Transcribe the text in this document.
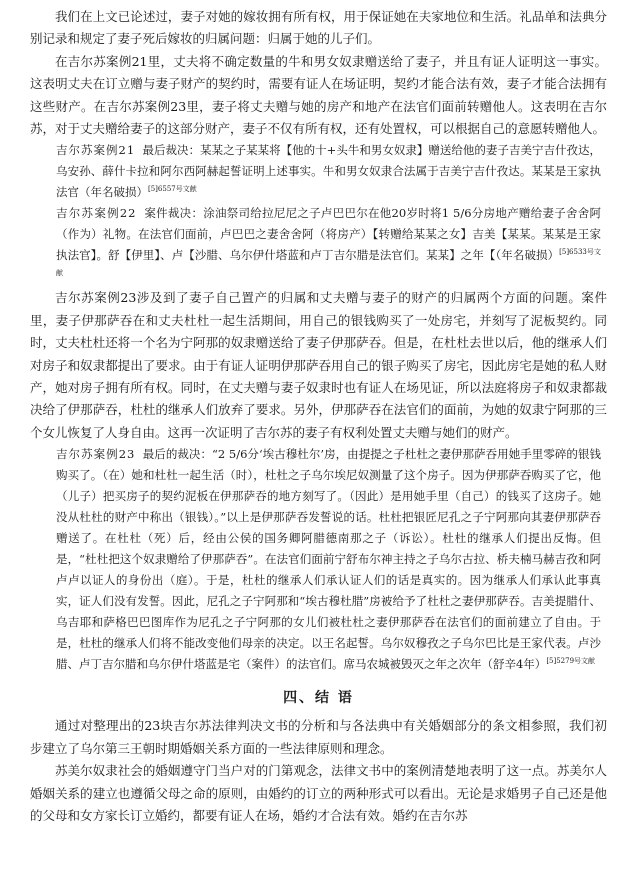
我们在上文已论述过，妻子对她的嫁妆拥有所有权，用于保证她在夫家地位和生活。礼品单和法典分别记录和规定了妻子死后嫁妆的归属问题：归属于她的儿子们。

在吉尔苏案例21里，丈夫将不确定数量的牛和男女奴隶赠送给了妻子，并且有证人证明这一事实。这表明丈夫在订立赠与妻子财产的契约时，需要有证人在场证明，契约才能合法有效，妻子才能合法拥有这些财产。在吉尔苏案例23里，妻子将丈夫赠与她的房产和地产在法官们面前转赠他人。这表明在吉尔苏，对于丈夫赠给妻子的这部分财产，妻子不仅有所有权，还有处置权，可以根据自己的意愿转赠他人。

吉尔苏案例21 最后裁决：某某之子某某将【他的十+头牛和男女奴隶】赠送给他的妻子吉美宁吉什孜达，乌安孙、薛什卡拉和阿尔西阿赫起誓证明上述事实。牛和男女奴隶合法属于吉美宁吉什孜达。某某是王家执法官（年名破损）$^{[5]6557号文献}$

吉尔苏案例22 案件裁决：涂油祭司给拉尼尼之子卢巴巴尔在他20岁时将1 5/6分房地产赠给妻子舍舍阿（作为）礼物。在法官们面前，卢巴巴之妻舍舍阿（将房产）【转赠给某某之女】吉美【某某。某某是王家执法官】。舒【伊里】、卢【沙腊、乌尔伊什塔蓝和卢丁吉尔腊是法官们。某某】之年【（年名破损）$^{[5]6533号文献}$

吉尔苏案例23涉及到了妻子自己置产的归属和丈夫赠与妻子的财产的归属两个方面的问题。案件里，妻子伊那萨吞在和丈夫杜杜一起生活期间，用自己的银钱购买了一处房宅，并刻写了泥板契约。同时，丈夫杜杜还将一个名为宁阿那的奴隶赠送给了妻子伊那萨吞。但是，在杜杜去世以后，他的继承人们对房子和奴隶都提出了要求。由于有证人证明伊那萨吞用自己的银子购买了房宅，因此房宅是她的私人财产，她对房子拥有所有权。同时，在丈夫赠与妻子奴隶时也有证人在场见证，所以法庭将房子和奴隶都裁决给了伊那萨吞，杜杜的继承人们放弃了要求。另外，伊那萨吞在法官们的面前，为她的奴隶宁阿那的三个女儿恢复了人身自由。这再一次证明了吉尔苏的妻子有权利处置丈夫赠与她们的财产。

吉尔苏案例23 最后的裁决：“2 5/6分‘埃古穆杜尔’房，由提提之子杜杜之妻伊那萨吞用她手里零碎的银钱购买了。（在）她和杜杜一起生活（时），杜杜之子乌尔埃尼奴测量了这个房子。因为伊那萨吞购买了它，他（儿子）把买房子的契约泥板在伊那萨吞的地方刻写了。（因此）是用她手里（自己）的钱买了这房子。她没从杜杜的财产中称出（银钱）。”以上是伊那萨吞发誓说的话。杜杜把银匠尼孔之子宁阿那向其妻伊那萨吞赠送了。在杜杜（死）后，经由公侯的国务卿阿腊德南那之子（诉讼）。杜杜的继承人们提出反悔。但是，“杜杜把这个奴隶赠给了伊那萨吞”。在法官们面前宁舒布尔神主持之子乌尔古拉、桥夫楠马赫吉孜和阿卢卢以证人的身份出（庭）。于是，杜杜的继承人们承认证人们的话是真实的。因为继承人们承认此事真实，证人们没有发誓。因此，尼孔之子宁阿那和“埃古穆杜腊”房被给予了杜杜之妻伊那萨吞。吉美提腊什、乌吉耶和萨格巴巴图库作为尼孔之子宁阿那的女儿们被杜杜之妻伊那萨吞在法官们的面前建立了自由。于是，杜杜的继承人们将不能改变他们母亲的决定。以王名起誓。乌尔奴穆孜之子乌尔巴比是王家代表。卢沙腊、卢丁吉尔腊和乌尔伊什塔蓝是宅（案件）的法官们。席马农城被毁灭之年之次年（舒辛4年）$^{[5]5279号文献}$

四、结 语

通过对整理出的23块吉尔苏法律判决文书的分析和与各法典中有关婚姻部分的条文相参照，我们初步建立了乌尔第三王朝时期婚姻关系方面的一些法律原则和理念。

苏美尔奴隶社会的婚姻遵守门当户对的门第观念，法律文书中的案例清楚地表明了这一点。苏美尔人婚姻关系的建立也遵循父母之命的原则，由婚约的订立的两种形式可以看出。无论是求婚男子自己还是他的父母和女方家长订立婚约，都要有证人在场，婚约才合法有效。婚约在吉尔苏
